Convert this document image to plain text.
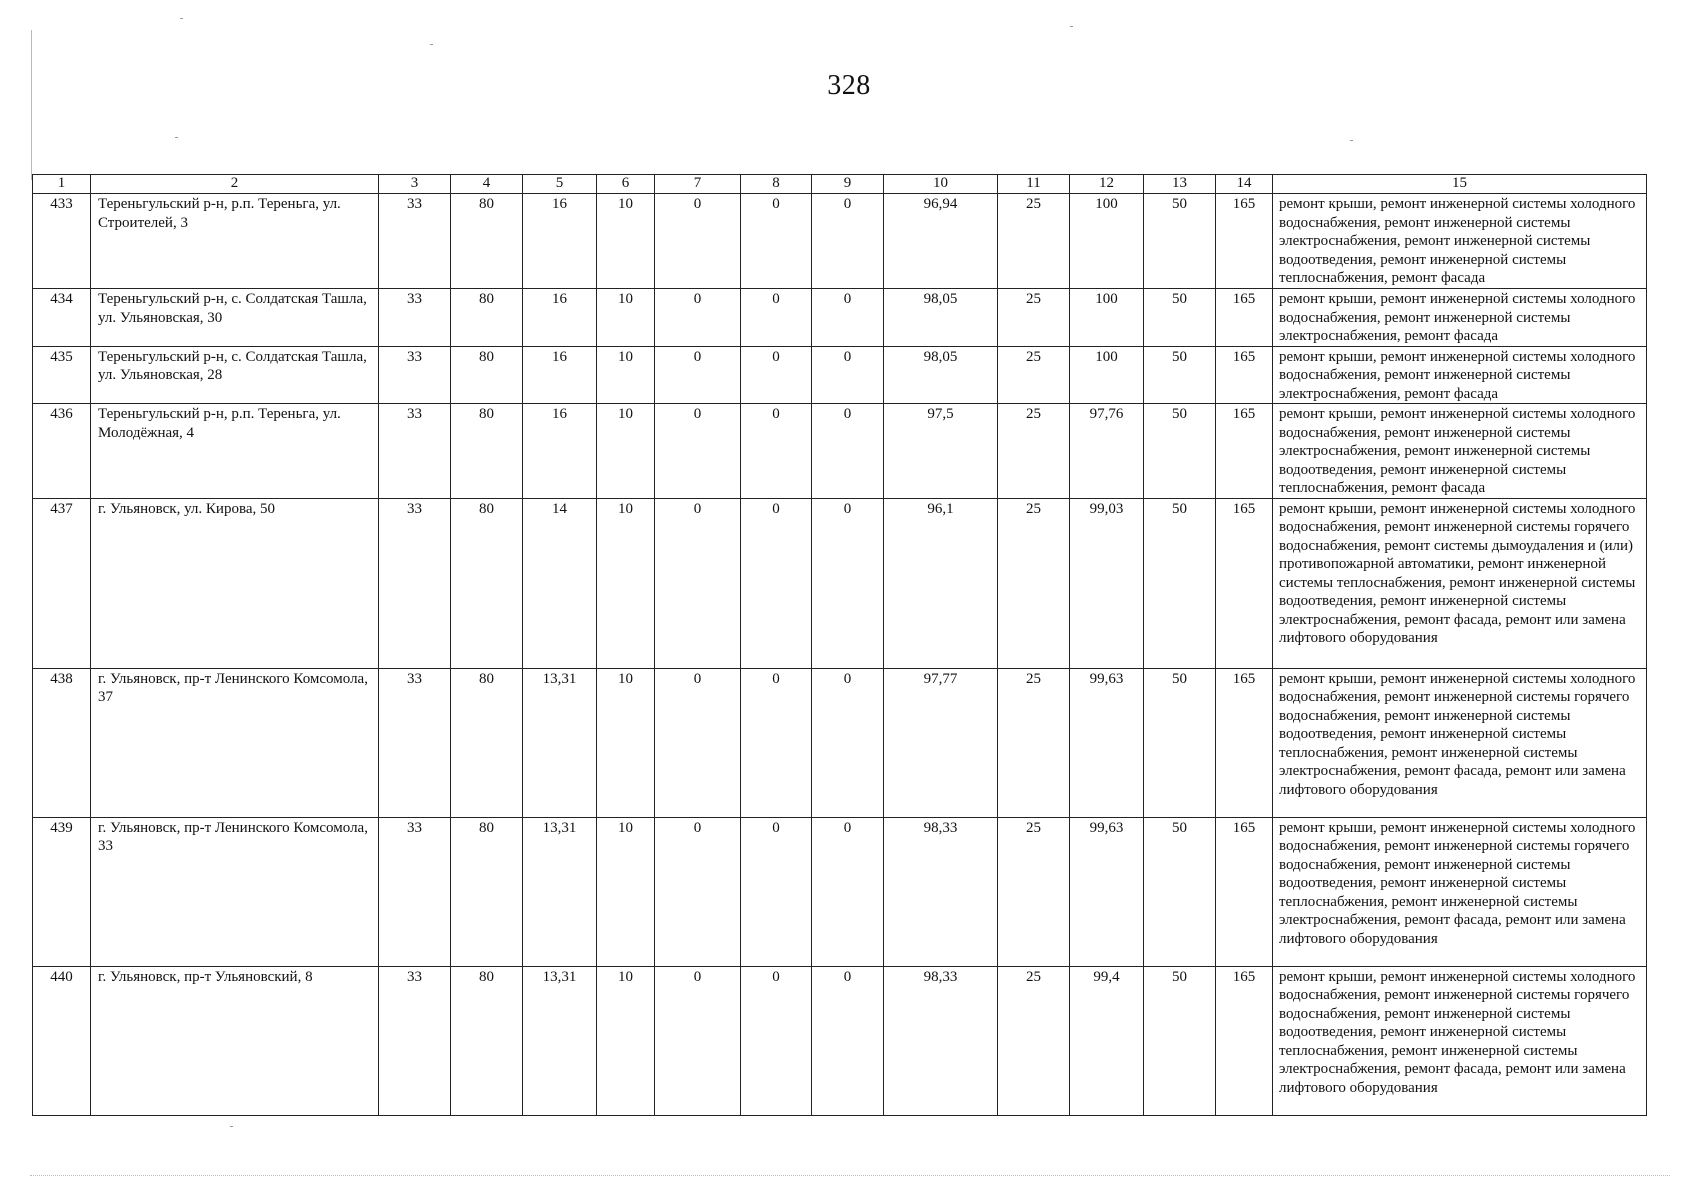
328
1	2	3	4	5	6	7	8	9	10	11	12	13	14	15
433	Тереньгульский р-н, р.п. Тереньга, ул. Строителей, 3	33	80	16	10	0	0	0	96,94	25	100	50	165	ремонт крыши, ремонт инженерной системы холодного водоснабжения, ремонт инженерной системы электроснабжения, ремонт инженерной системы водоотведения, ремонт инженерной системы теплоснабжения, ремонт фасада
434	Тереньгульский р-н, с. Солдатская Ташла, ул. Ульяновская, 30	33	80	16	10	0	0	0	98,05	25	100	50	165	ремонт крыши, ремонт инженерной системы холодного водоснабжения, ремонт инженерной системы электроснабжения, ремонт фасада
435	Тереньгульский р-н, с. Солдатская Ташла, ул. Ульяновская, 28	33	80	16	10	0	0	0	98,05	25	100	50	165	ремонт крыши, ремонт инженерной системы холодного водоснабжения, ремонт инженерной системы электроснабжения, ремонт фасада
436	Тереньгульский р-н, р.п. Тереньга, ул. Молодёжная, 4	33	80	16	10	0	0	0	97,5	25	97,76	50	165	ремонт крыши, ремонт инженерной системы холодного водоснабжения, ремонт инженерной системы электроснабжения, ремонт инженерной системы водоотведения, ремонт инженерной системы теплоснабжения, ремонт фасада
437	г. Ульяновск, ул. Кирова, 50	33	80	14	10	0	0	0	96,1	25	99,03	50	165	ремонт крыши, ремонт инженерной системы холодного водоснабжения, ремонт инженерной системы горячего водоснабжения, ремонт системы дымоудаления и (или) противопожарной автоматики, ремонт инженерной системы теплоснабжения, ремонт инженерной системы водоотведения, ремонт инженерной системы электроснабжения, ремонт фасада, ремонт или замена лифтового оборудования
438	г. Ульяновск, пр-т Ленинского Комсомола, 37	33	80	13,31	10	0	0	0	97,77	25	99,63	50	165	ремонт крыши, ремонт инженерной системы холодного водоснабжения, ремонт инженерной системы горячего водоснабжения, ремонт инженерной системы водоотведения, ремонт инженерной системы теплоснабжения, ремонт инженерной системы электроснабжения, ремонт фасада, ремонт или замена лифтового оборудования
439	г. Ульяновск, пр-т Ленинского Комсомола, 33	33	80	13,31	10	0	0	0	98,33	25	99,63	50	165	ремонт крыши, ремонт инженерной системы холодного водоснабжения, ремонт инженерной системы горячего водоснабжения, ремонт инженерной системы водоотведения, ремонт инженерной системы теплоснабжения, ремонт инженерной системы электроснабжения, ремонт фасада, ремонт или замена лифтового оборудования
440	г. Ульяновск, пр-т Ульяновский, 8	33	80	13,31	10	0	0	0	98,33	25	99,4	50	165	ремонт крыши, ремонт инженерной системы холодного водоснабжения, ремонт инженерной системы горячего водоснабжения, ремонт инженерной системы водоотведения, ремонт инженерной системы теплоснабжения, ремонт инженерной системы электроснабжения, ремонт фасада, ремонт или замена лифтового оборудования
